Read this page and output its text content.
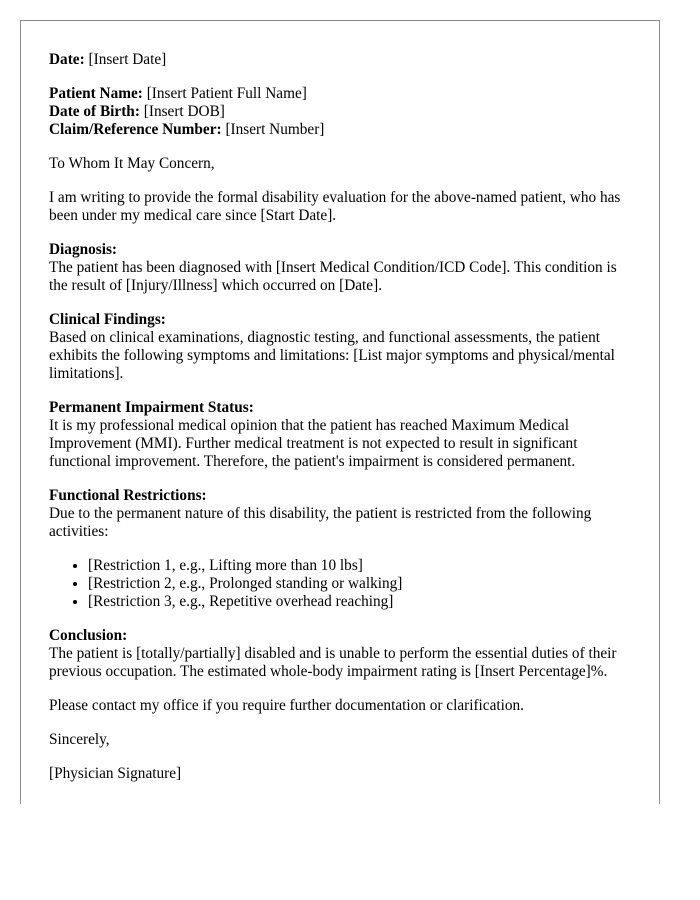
Date: [Insert Date]
Patient Name: [Insert Patient Full Name]
Date of Birth: [Insert DOB]
Claim/Reference Number: [Insert Number]
To Whom It May Concern,
I am writing to provide the formal disability evaluation for the above-named patient, who has been under my medical care since [Start Date].
Diagnosis:
The patient has been diagnosed with [Insert Medical Condition/ICD Code]. This condition is the result of [Injury/Illness] which occurred on [Date].
Clinical Findings:
Based on clinical examinations, diagnostic testing, and functional assessments, the patient exhibits the following symptoms and limitations: [List major symptoms and physical/mental limitations].
Permanent Impairment Status:
It is my professional medical opinion that the patient has reached Maximum Medical Improvement (MMI). Further medical treatment is not expected to result in significant functional improvement. Therefore, the patient's impairment is considered permanent.
Functional Restrictions:
Due to the permanent nature of this disability, the patient is restricted from the following activities:
• [Restriction 1, e.g., Lifting more than 10 lbs]
• [Restriction 2, e.g., Prolonged standing or walking]
• [Restriction 3, e.g., Repetitive overhead reaching]
Conclusion:
The patient is [totally/partially] disabled and is unable to perform the essential duties of their previous occupation. The estimated whole-body impairment rating is [Insert Percentage]%.
Please contact my office if you require further documentation or clarification.
Sincerely,
[Physician Signature]
